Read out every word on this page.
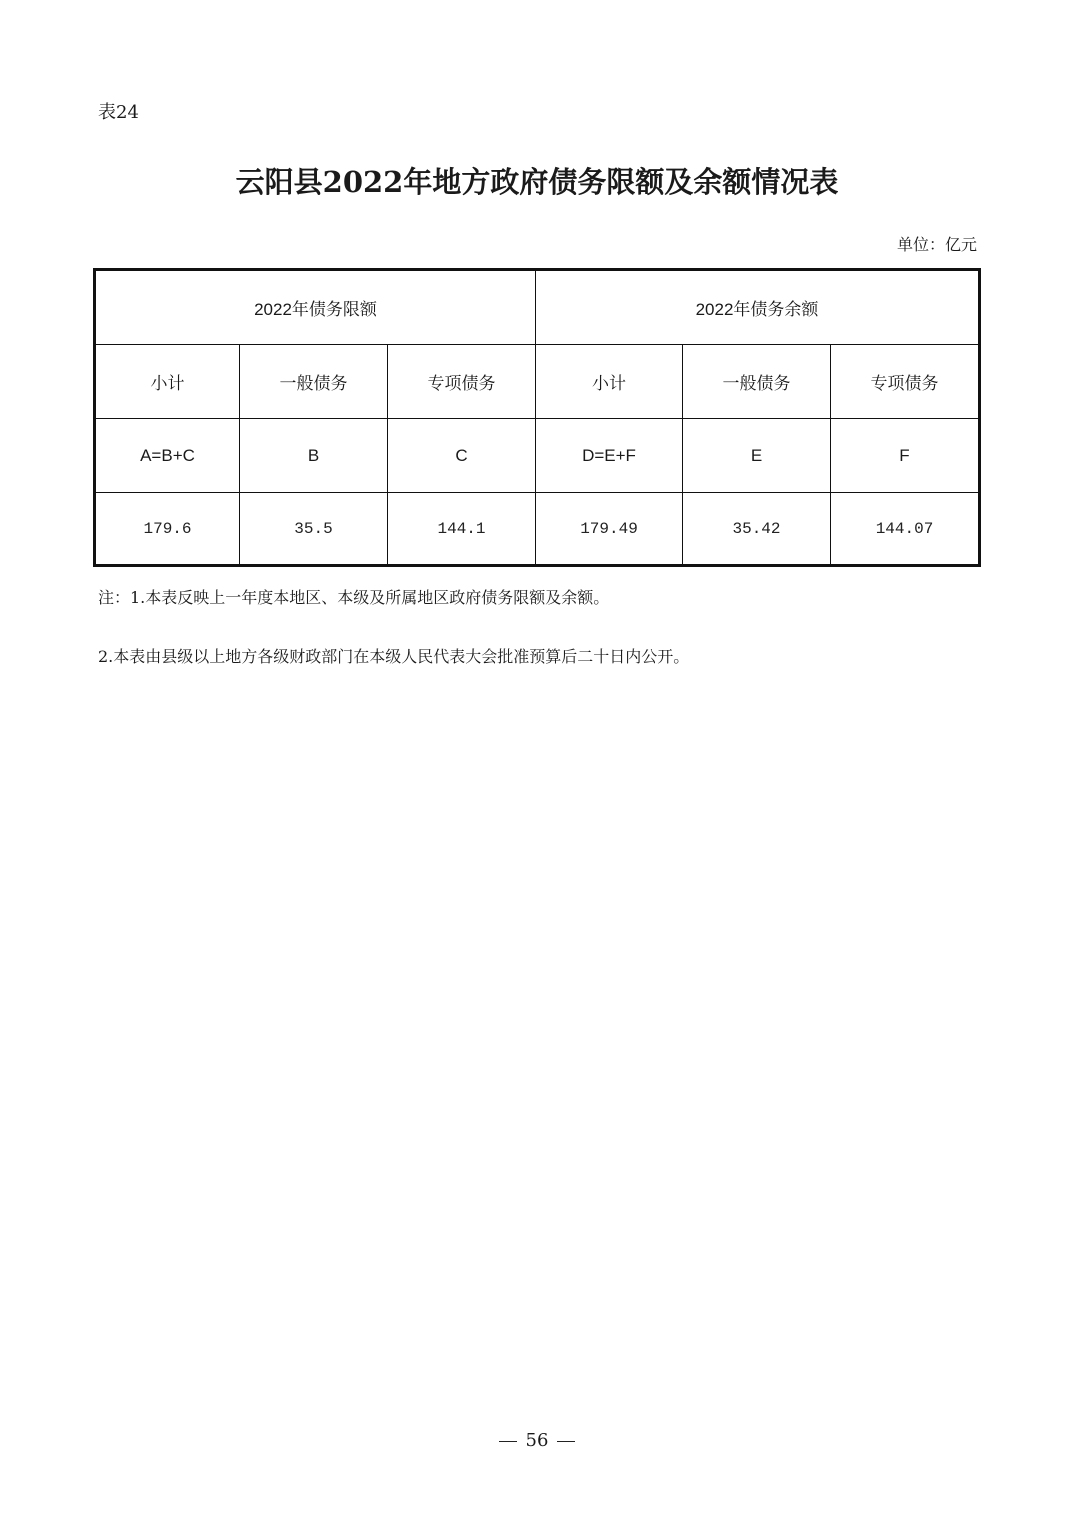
表24
云阳县2022年地方政府债务限额及余额情况表
单位：亿元
2022年债务限额			2022年债务余额		
小计	一般债务	专项债务	小计	一般债务	专项债务
A=B+C	B	C	D=E+F	E	F
179.6	35.5	144.1	179.49	35.42	144.07
注：1.本表反映上一年度本地区、本级及所属地区政府债务限额及余额。
2.本表由县级以上地方各级财政部门在本级人民代表大会批准预算后二十日内公开。
56
